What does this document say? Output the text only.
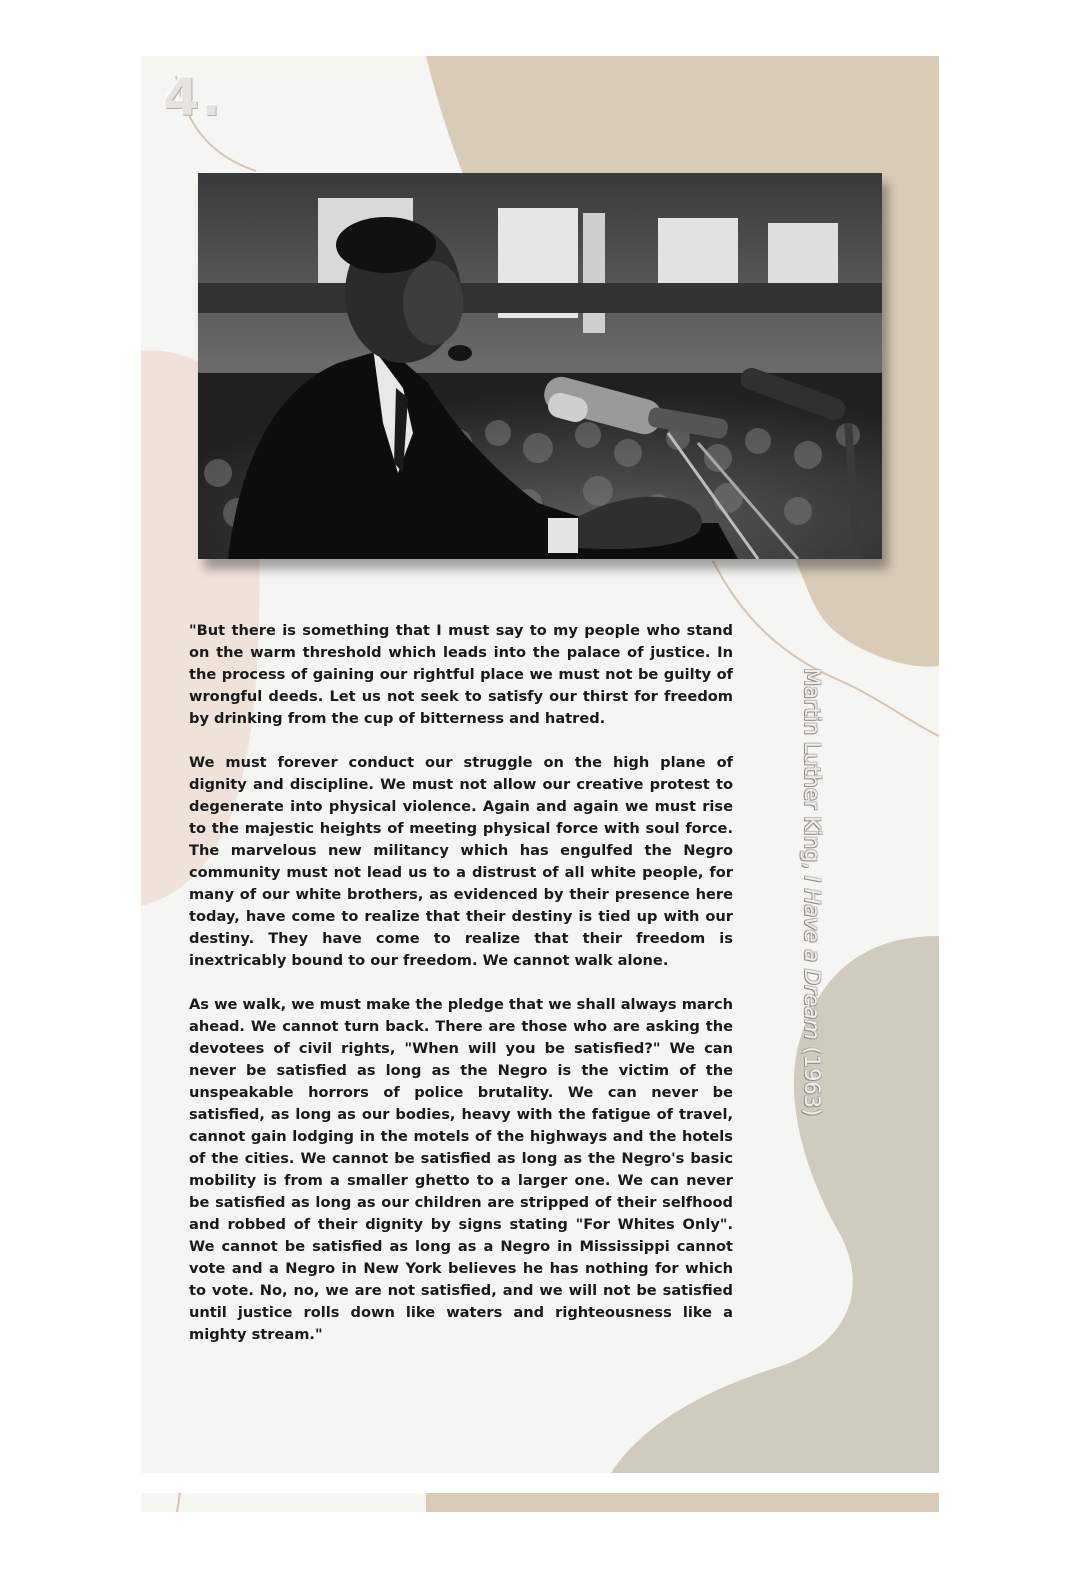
4.

"But there is something that I must say to my people who stand on the warm threshold which leads into the palace of justice. In the process of gaining our rightful place we must not be guilty of wrongful deeds. Let us not seek to satisfy our thirst for freedom by drinking from the cup of bitterness and hatred.

We must forever conduct our struggle on the high plane of dignity and discipline. We must not allow our creative protest to degenerate into physical violence. Again and again we must rise to the majestic heights of meeting physical force with soul force. The marvelous new militancy which has engulfed the Negro community must not lead us to a distrust of all white people, for many of our white brothers, as evidenced by their presence here today, have come to realize that their destiny is tied up with our destiny. They have come to realize that their freedom is inextricably bound to our freedom. We cannot walk alone.

As we walk, we must make the pledge that we shall always march ahead. We cannot turn back. There are those who are asking the devotees of civil rights, "When will you be satisfied?" We can never be satisfied as long as the Negro is the victim of the unspeakable horrors of police brutality. We can never be satisfied, as long as our bodies, heavy with the fatigue of travel, cannot gain lodging in the motels of the highways and the hotels of the cities. We cannot be satisfied as long as the Negro's basic mobility is from a smaller ghetto to a larger one. We can never be satisfied as long as our children are stripped of their selfhood and robbed of their dignity by signs stating "For Whites Only". We cannot be satisfied as long as a Negro in Mississippi cannot vote and a Negro in New York believes he has nothing for which to vote. No, no, we are not satisfied, and we will not be satisfied until justice rolls down like waters and righteousness like a mighty stream."

Martin Luther King, I Have a Dream (1963)
